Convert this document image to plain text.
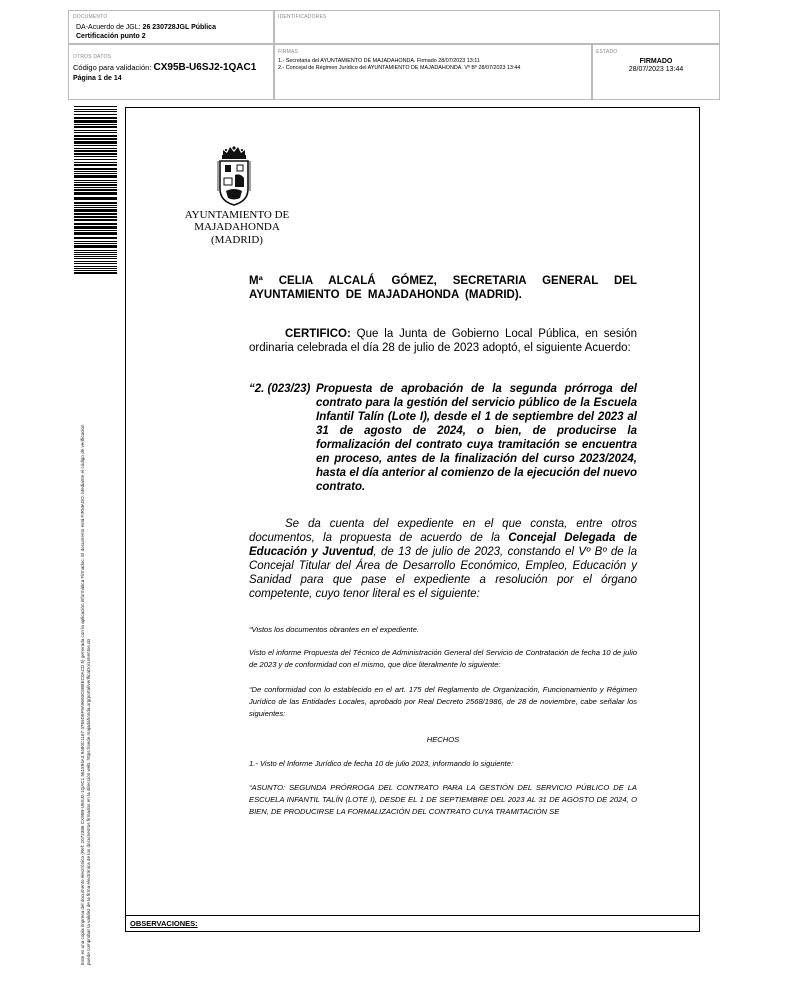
DOCUMENTO
DA-Acuerdo de JGL: 26 230728JGL Pública
Certificación punto 2
IDENTIFICADORES
OTROS DATOS
Código para validación: CX95B-U6SJ2-1QAC1
Página 1 de 14
FIRMAS
1.- Secretaria del AYUNTAMIENTO DE MAJADAHONDA. Firmado 28/07/2023 13:11
2.- Concejal de Régimen Jurídico del AYUNTAMIENTO DE MAJADAHONDA. Vº Bº 28/07/2023 13:44
ESTADO
FIRMADO
28/07/2023 13:44
Este es una copia impresa del documento electrónico (Ref: 2072386 CX95B-U6SJ2-1QAC1 561594A3 9480C1167 4769D5F9A9693C5B8EC0ACD 5) generada con la aplicación informática Firmadoc. El documento está FIRMADO. Mediante el código de verificación puede comprobar la validez de la firma electrónica de los documentos firmados en la dirección web: https://sede.majadahonda.org/portal/verificaDocumentos.do
AYUNTAMIENTO DE
MAJADAHONDA
(MADRID)
Mª CELIA ALCALÁ GÓMEZ, SECRETARIA GENERAL DEL AYUNTAMIENTO DE MAJADAHONDA (MADRID).
CERTIFICO: Que la Junta de Gobierno Local Pública, en sesión ordinaria celebrada el día 28 de julio de 2023 adoptó, el siguiente Acuerdo:
“2. (023/23) Propuesta de aprobación de la segunda prórroga del contrato para la gestión del servicio público de la Escuela Infantil Talín (Lote I), desde el 1 de septiembre del 2023 al 31 de agosto de 2024, o bien, de producirse la formalización del contrato cuya tramitación se encuentra en proceso, antes de la finalización del curso 2023/2024, hasta el día anterior al comienzo de la ejecución del nuevo contrato.
Se da cuenta del expediente en el que consta, entre otros documentos, la propuesta de acuerdo de la Concejal Delegada de Educación y Juventud, de 13 de julio de 2023, constando el Vº Bº de la Concejal Titular del Área de Desarrollo Económico, Empleo, Educación y Sanidad para que pase el expediente a resolución por el órgano competente, cuyo tenor literal es el siguiente:
“Vistos los documentos obrantes en el expediente.
Visto el informe Propuesta del Técnico de Administración General del Servicio de Contratación de fecha 10 de julio de 2023 y de conformidad con el mismo, que dice literalmente lo siguiente:
“De conformidad con lo establecido en el art. 175 del Reglamento de Organización, Funcionamiento y Régimen Jurídico de las Entidades Locales, aprobado por Real Decreto 2568/1986, de 28 de noviembre, cabe señalar los siguientes:
HECHOS
1.- Visto el Informe Jurídico de fecha 10 de julio 2023, informando lo siguiente:
“ASUNTO: SEGUNDA PRÓRROGA DEL CONTRATO PARA LA GESTIÓN DEL SERVICIO PÚBLICO DE LA ESCUELA INFANTIL TALÍN (LOTE I), DESDE EL 1 DE SEPTIEMBRE DEL 2023 AL 31 DE AGOSTO DE 2024, O BIEN, DE PRODUCIRSE LA FORMALIZACIÓN DEL CONTRATO CUYA TRAMITACIÓN SE
OBSERVACIONES:
